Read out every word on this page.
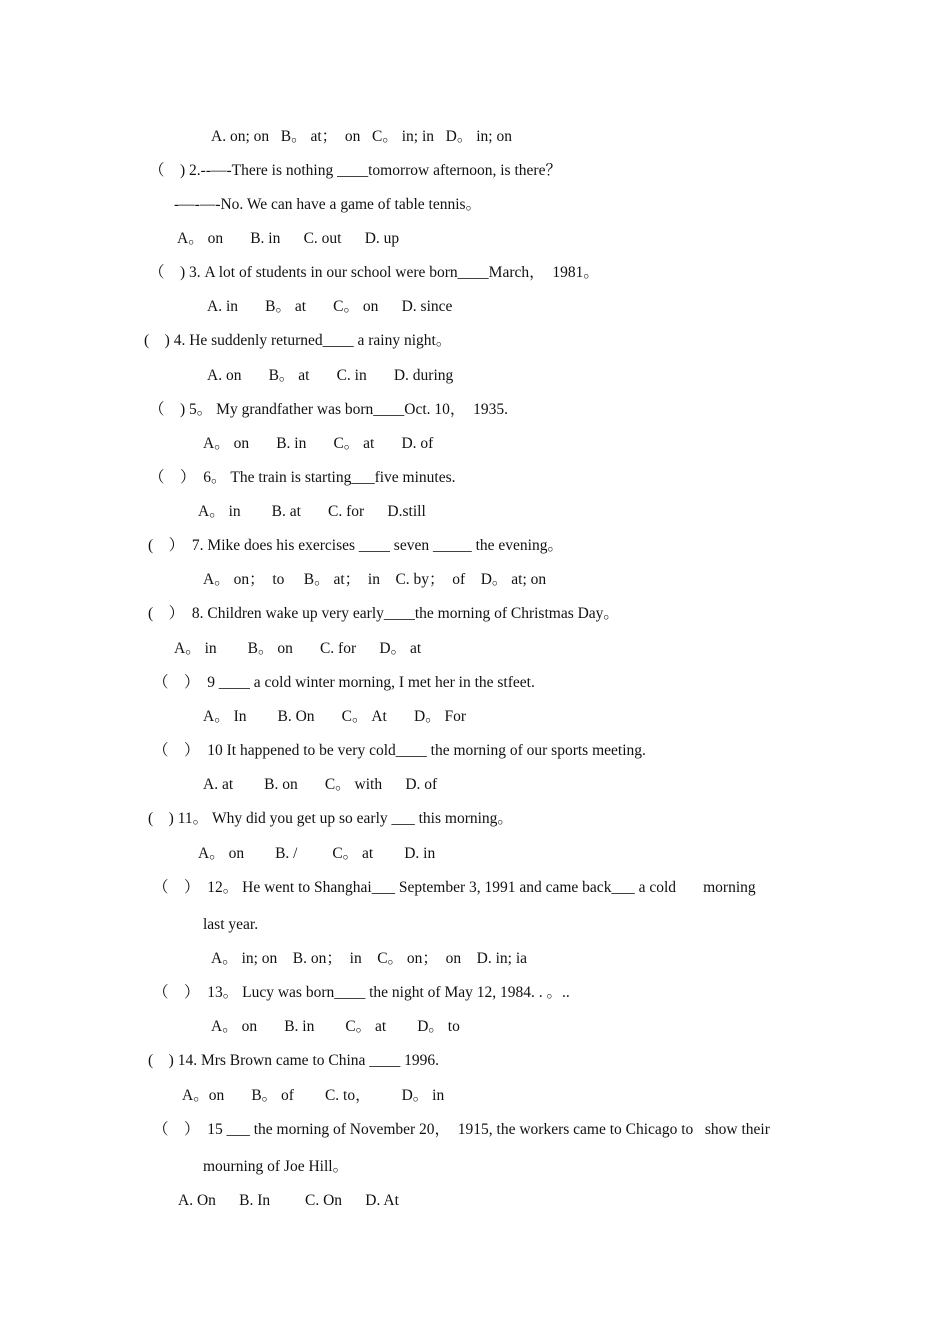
A. on; on   B。 at；  on   C。 in; in   D。 in; on
（    ) 2.--—-There is nothing ____tomorrow afternoon, is there？
-—-—-No. We can have a game of table tennis。
A。 on       B. in      C. out      D. up
（    ) 3. A lot of students in our school were born____March，  1981。
A. in       B。 at       C。 on      D. since
(    ) 4. He suddenly returned____ a rainy night。
A. on       B。 at       C. in       D. during
（    ) 5。 My grandfather was born____Oct. 10，  1935.
A。 on       B. in       C。 at       D. of
（    ）  6。 The train is starting___five minutes.
A。 in        B. at       C. for      D.still
(    ）  7. Mike does his exercises ____ seven _____ the evening。
A。 on；  to     B。 at；  in    C. by；  of    D。 at; on
(    ）  8. Children wake up very early____the morning of Christmas Day。
A。 in        B。 on       C. for      D。 at
（    ）  9 ____ a cold winter morning, I met her in the stfeet.
A。 In        B. On       C。 At       D。 For
（    ）  10 It happened to be very cold____ the morning of our sports meeting.
A. at        B. on       C。 with      D. of
(    ) 11。 Why did you get up so early ___ this morning。
A。 on        B. /         C。 at        D. in
（    ）  12。 He went to Shanghai___ September 3, 1991 and came back___ a cold       morning
last year.
A。 in; on    B. on；  in    C。 on；  on    D. in; ia
（    ）  13。 Lucy was born____ the night of May 12, 1984. . 。..
A。 on       B. in        C。 at        D。 to
(    ) 14. Mrs Brown came to China ____ 1996.
A。on       B。 of        C. to，        D。 in
（    ）  15 ___ the morning of November 20，  1915, the workers came to Chicago to   show their
mourning of Joe Hill。
A. On      B. In         C. On      D. At
